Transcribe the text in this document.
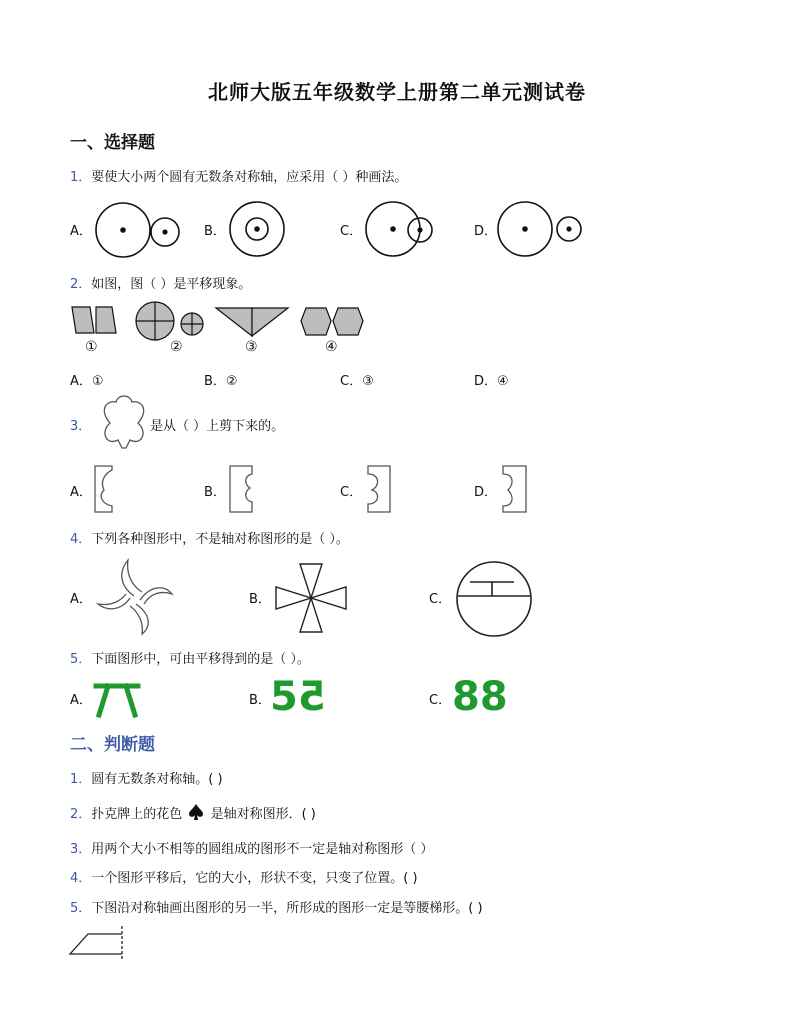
北师大版五年级数学上册第二单元测试卷
一、选择题
1．要使大小两个圆有无数条对称轴，应采用（ ）种画法。
A．	B．	C．	D．
2．如图，图（ ）是平移现象。
①	②	③	④
A．①	B．②	C．③	D．④
3．	是从（ ）上剪下来的。
A．	B．	C．	D．
4．下列各种图形中，不是轴对称图形的是（ ）。
A．	B．	C．
5．下面图形中，可由平移得到的是（ ）。
A．	B．	C．
55	88
二、判断题
1．圆有无数条对称轴。( )
2．扑克牌上的花色 是轴对称图形．( )
3．用两个大小不相等的圆组成的图形不一定是轴对称图形（ ）
4．一个图形平移后，它的大小，形状不变，只变了位置。( )
5．下图沿对称轴画出图形的另一半，所形成的图形一定是等腰梯形。( )
